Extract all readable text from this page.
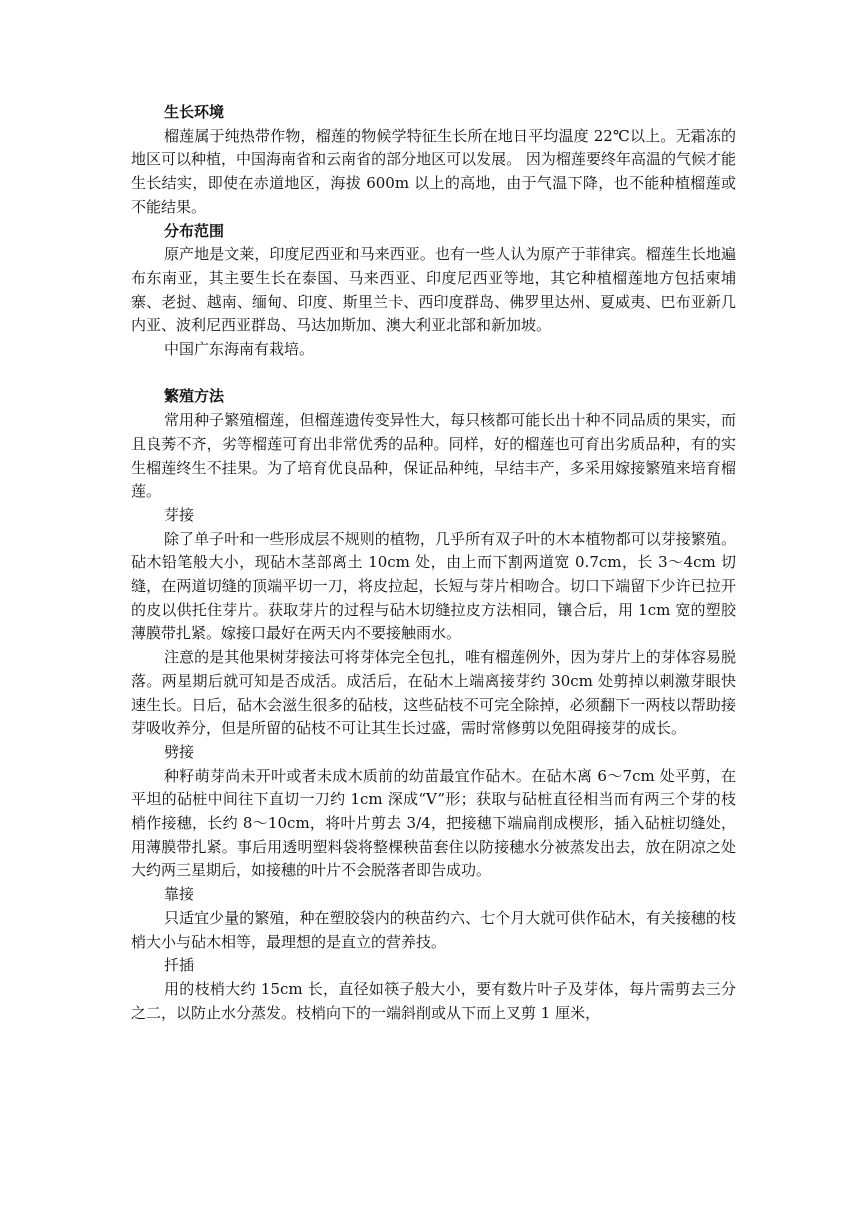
生长环境

榴莲属于纯热带作物，榴莲的物候学特征生长所在地日平均温度 22℃以上。无霜冻的地区可以种植，中国海南省和云南省的部分地区可以发展。 因为榴莲要终年高温的气候才能生长结实，即使在赤道地区，海拔 600m 以上的高地，由于气温下降，也不能种植榴莲或不能结果。

分布范围

原产地是文莱，印度尼西亚和马来西亚。也有一些人认为原产于菲律宾。榴莲生长地遍布东南亚，其主要生长在泰国、马来西亚、印度尼西亚等地，其它种植榴莲地方包括柬埔寨、老挝、越南、缅甸、印度、斯里兰卡、西印度群岛、佛罗里达州、夏威夷、巴布亚新几内亚、波利尼西亚群岛、马达加斯加、澳大利亚北部和新加坡。

中国广东海南有栽培。

繁殖方法

常用种子繁殖榴莲，但榴莲遗传变异性大，每只核都可能长出十种不同品质的果实，而且良莠不齐，劣等榴莲可育出非常优秀的品种。同样，好的榴莲也可育出劣质品种，有的实生榴莲终生不挂果。为了培育优良品种，保证品种纯，早结丰产，多采用嫁接繁殖来培育榴莲。

芽接

除了单子叶和一些形成层不规则的植物，几乎所有双子叶的木本植物都可以芽接繁殖。砧木铅笔般大小，现砧木茎部离土 10cm 处，由上而下割两道宽 0.7cm，长 3～4cm 切缝，在两道切缝的顶端平切一刀，将皮拉起，长短与芽片相吻合。切口下端留下少许已拉开的皮以供托住芽片。获取芽片的过程与砧木切缝拉皮方法相同，镶合后，用 1cm 宽的塑胶薄膜带扎紧。嫁接口最好在两天内不要接触雨水。

注意的是其他果树芽接法可将芽体完全包扎，唯有榴莲例外，因为芽片上的芽体容易脱落。两星期后就可知是否成活。成活后，在砧木上端离接芽约 30cm 处剪掉以刺激芽眼快速生长。日后，砧木会滋生很多的砧枝，这些砧枝不可完全除掉，必须翻下一两枝以帮助接芽吸收养分，但是所留的砧枝不可让其生长过盛，需时常修剪以免阻碍接芽的成长。

劈接

种籽萌芽尚未开叶或者未成木质前的幼苗最宜作砧木。在砧木离 6～7cm 处平剪，在平坦的砧桩中间往下直切一刀约 1cm 深成“V”形；获取与砧桩直径相当而有两三个芽的枝梢作接穗，长约 8～10cm，将叶片剪去 3/4，把接穗下端扁削成楔形，插入砧桩切缝处，用薄膜带扎紧。事后用透明塑料袋将整棵秧苗套住以防接穗水分被蒸发出去，放在阴凉之处大约两三星期后，如接穗的叶片不会脱落者即告成功。

靠接

只适宜少量的繁殖，种在塑胶袋内的秧苗约六、七个月大就可供作砧木，有关接穗的枝梢大小与砧木相等，最理想的是直立的营养技。

扦插

用的枝梢大约 15cm 长，直径如筷子般大小，要有数片叶子及芽体，每片需剪去三分之二，以防止水分蒸发。枝梢向下的一端斜削或从下而上叉剪 1 厘米，
